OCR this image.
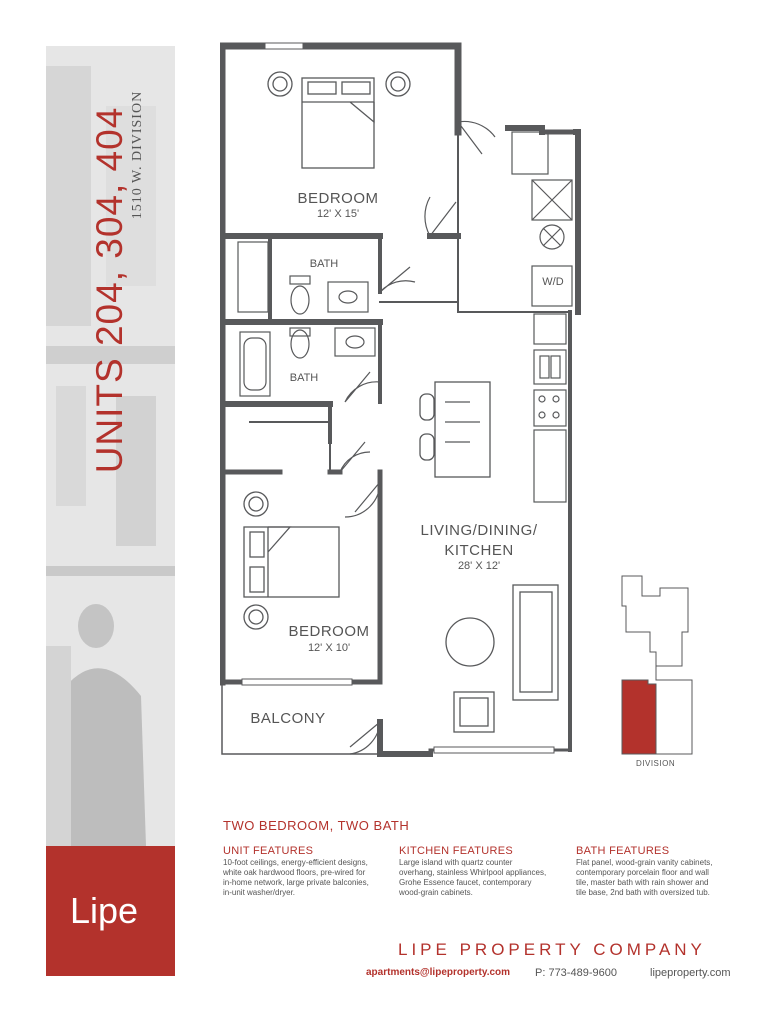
UNITS 204, 304, 404 1510 W. DIVISION
Lipe
BEDROOM
12' X 15'
BATH
BATH
W/D
LIVING/DINING/
KITCHEN
28' X 12'
BEDROOM
12' X 10'
BALCONY
DIVISION
TWO BEDROOM, TWO BATH
UNIT FEATURES
10-foot ceilings, energy-efficient designs,
white oak hardwood floors, pre-wired for
in-home network, large private balconies,
in-unit washer/dryer.
KITCHEN FEATURES
Large island with quartz counter
overhang, stainless Whirlpool appliances,
Grohe Essence faucet, contemporary
wood-grain cabinets.
BATH FEATURES
Flat panel, wood-grain vanity cabinets,
contemporary porcelain floor and wall
tile, master bath with rain shower and
tile base, 2nd bath with oversized tub.
LIPE PROPERTY COMPANY
apartments@lipeproperty.com P: 773-489-9600	lipeproperty.com
